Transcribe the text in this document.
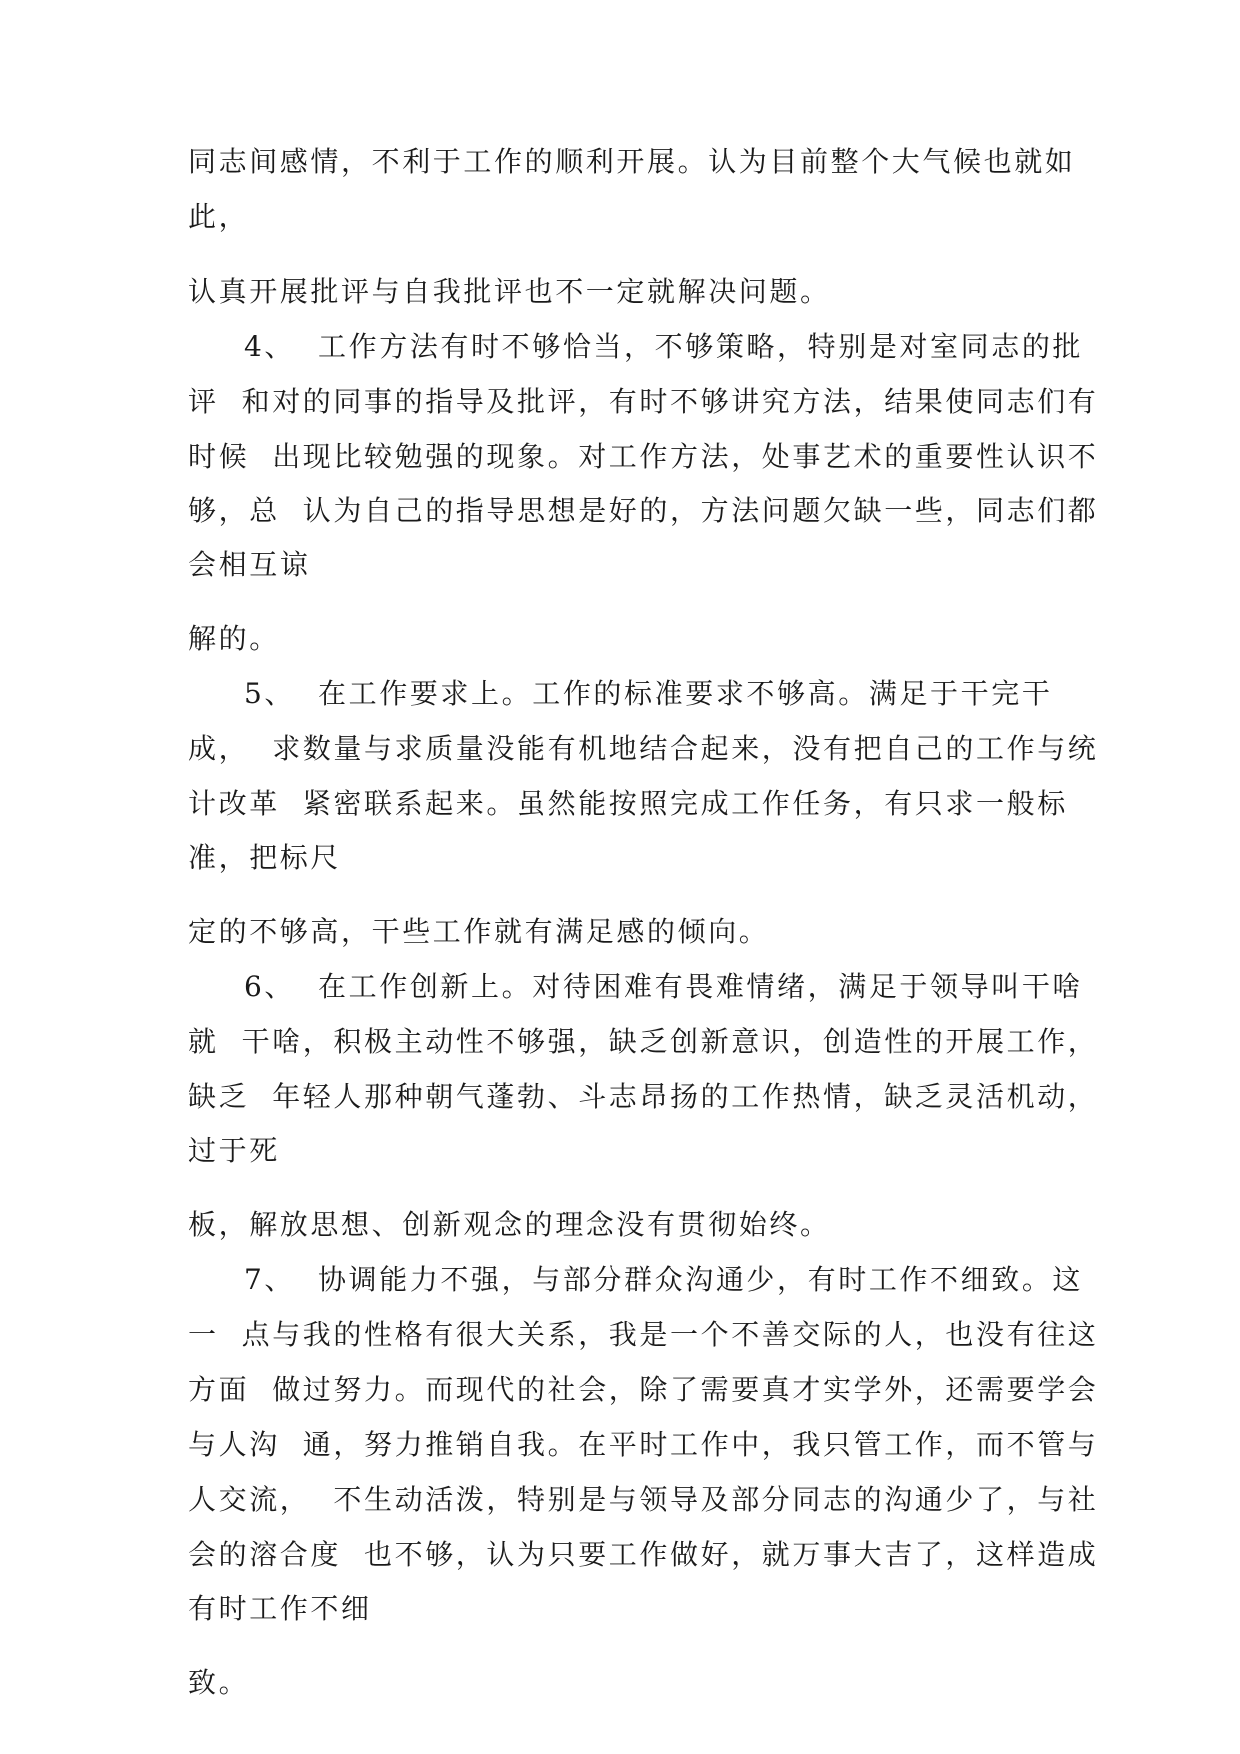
同志间感情，不利于工作的顺利开展。认为目前整个大气候也就如
此，
认真开展批评与自我批评也不一定就解决问题。
4、  工作方法有时不够恰当，不够策略，特别是对室同志的批
评  和对的同事的指导及批评，有时不够讲究方法，结果使同志们有
时候  出现比较勉强的现象。对工作方法，处事艺术的重要性认识不
够，总  认为自己的指导思想是好的，方法问题欠缺一些，同志们都
会相互谅
解的。
5、  在工作要求上。工作的标准要求不够高。满足于干完干
成，  求数量与求质量没能有机地结合起来，没有把自己的工作与统
计改革  紧密联系起来。虽然能按照完成工作任务，有只求一般标
准，把标尺
定的不够高，干些工作就有满足感的倾向。
6、  在工作创新上。对待困难有畏难情绪，满足于领导叫干啥
就  干啥，积极主动性不够强，缺乏创新意识，创造性的开展工作，
缺乏  年轻人那种朝气蓬勃、斗志昂扬的工作热情，缺乏灵活机动，
过于死
板，解放思想、创新观念的理念没有贯彻始终。
7、  协调能力不强，与部分群众沟通少，有时工作不细致。这
一  点与我的性格有很大关系，我是一个不善交际的人，也没有往这
方面  做过努力。而现代的社会，除了需要真才实学外，还需要学会
与人沟  通，努力推销自我。在平时工作中，我只管工作，而不管与
人交流，  不生动活泼，特别是与领导及部分同志的沟通少了，与社
会的溶合度  也不够，认为只要工作做好，就万事大吉了，这样造成
有时工作不细
致。
